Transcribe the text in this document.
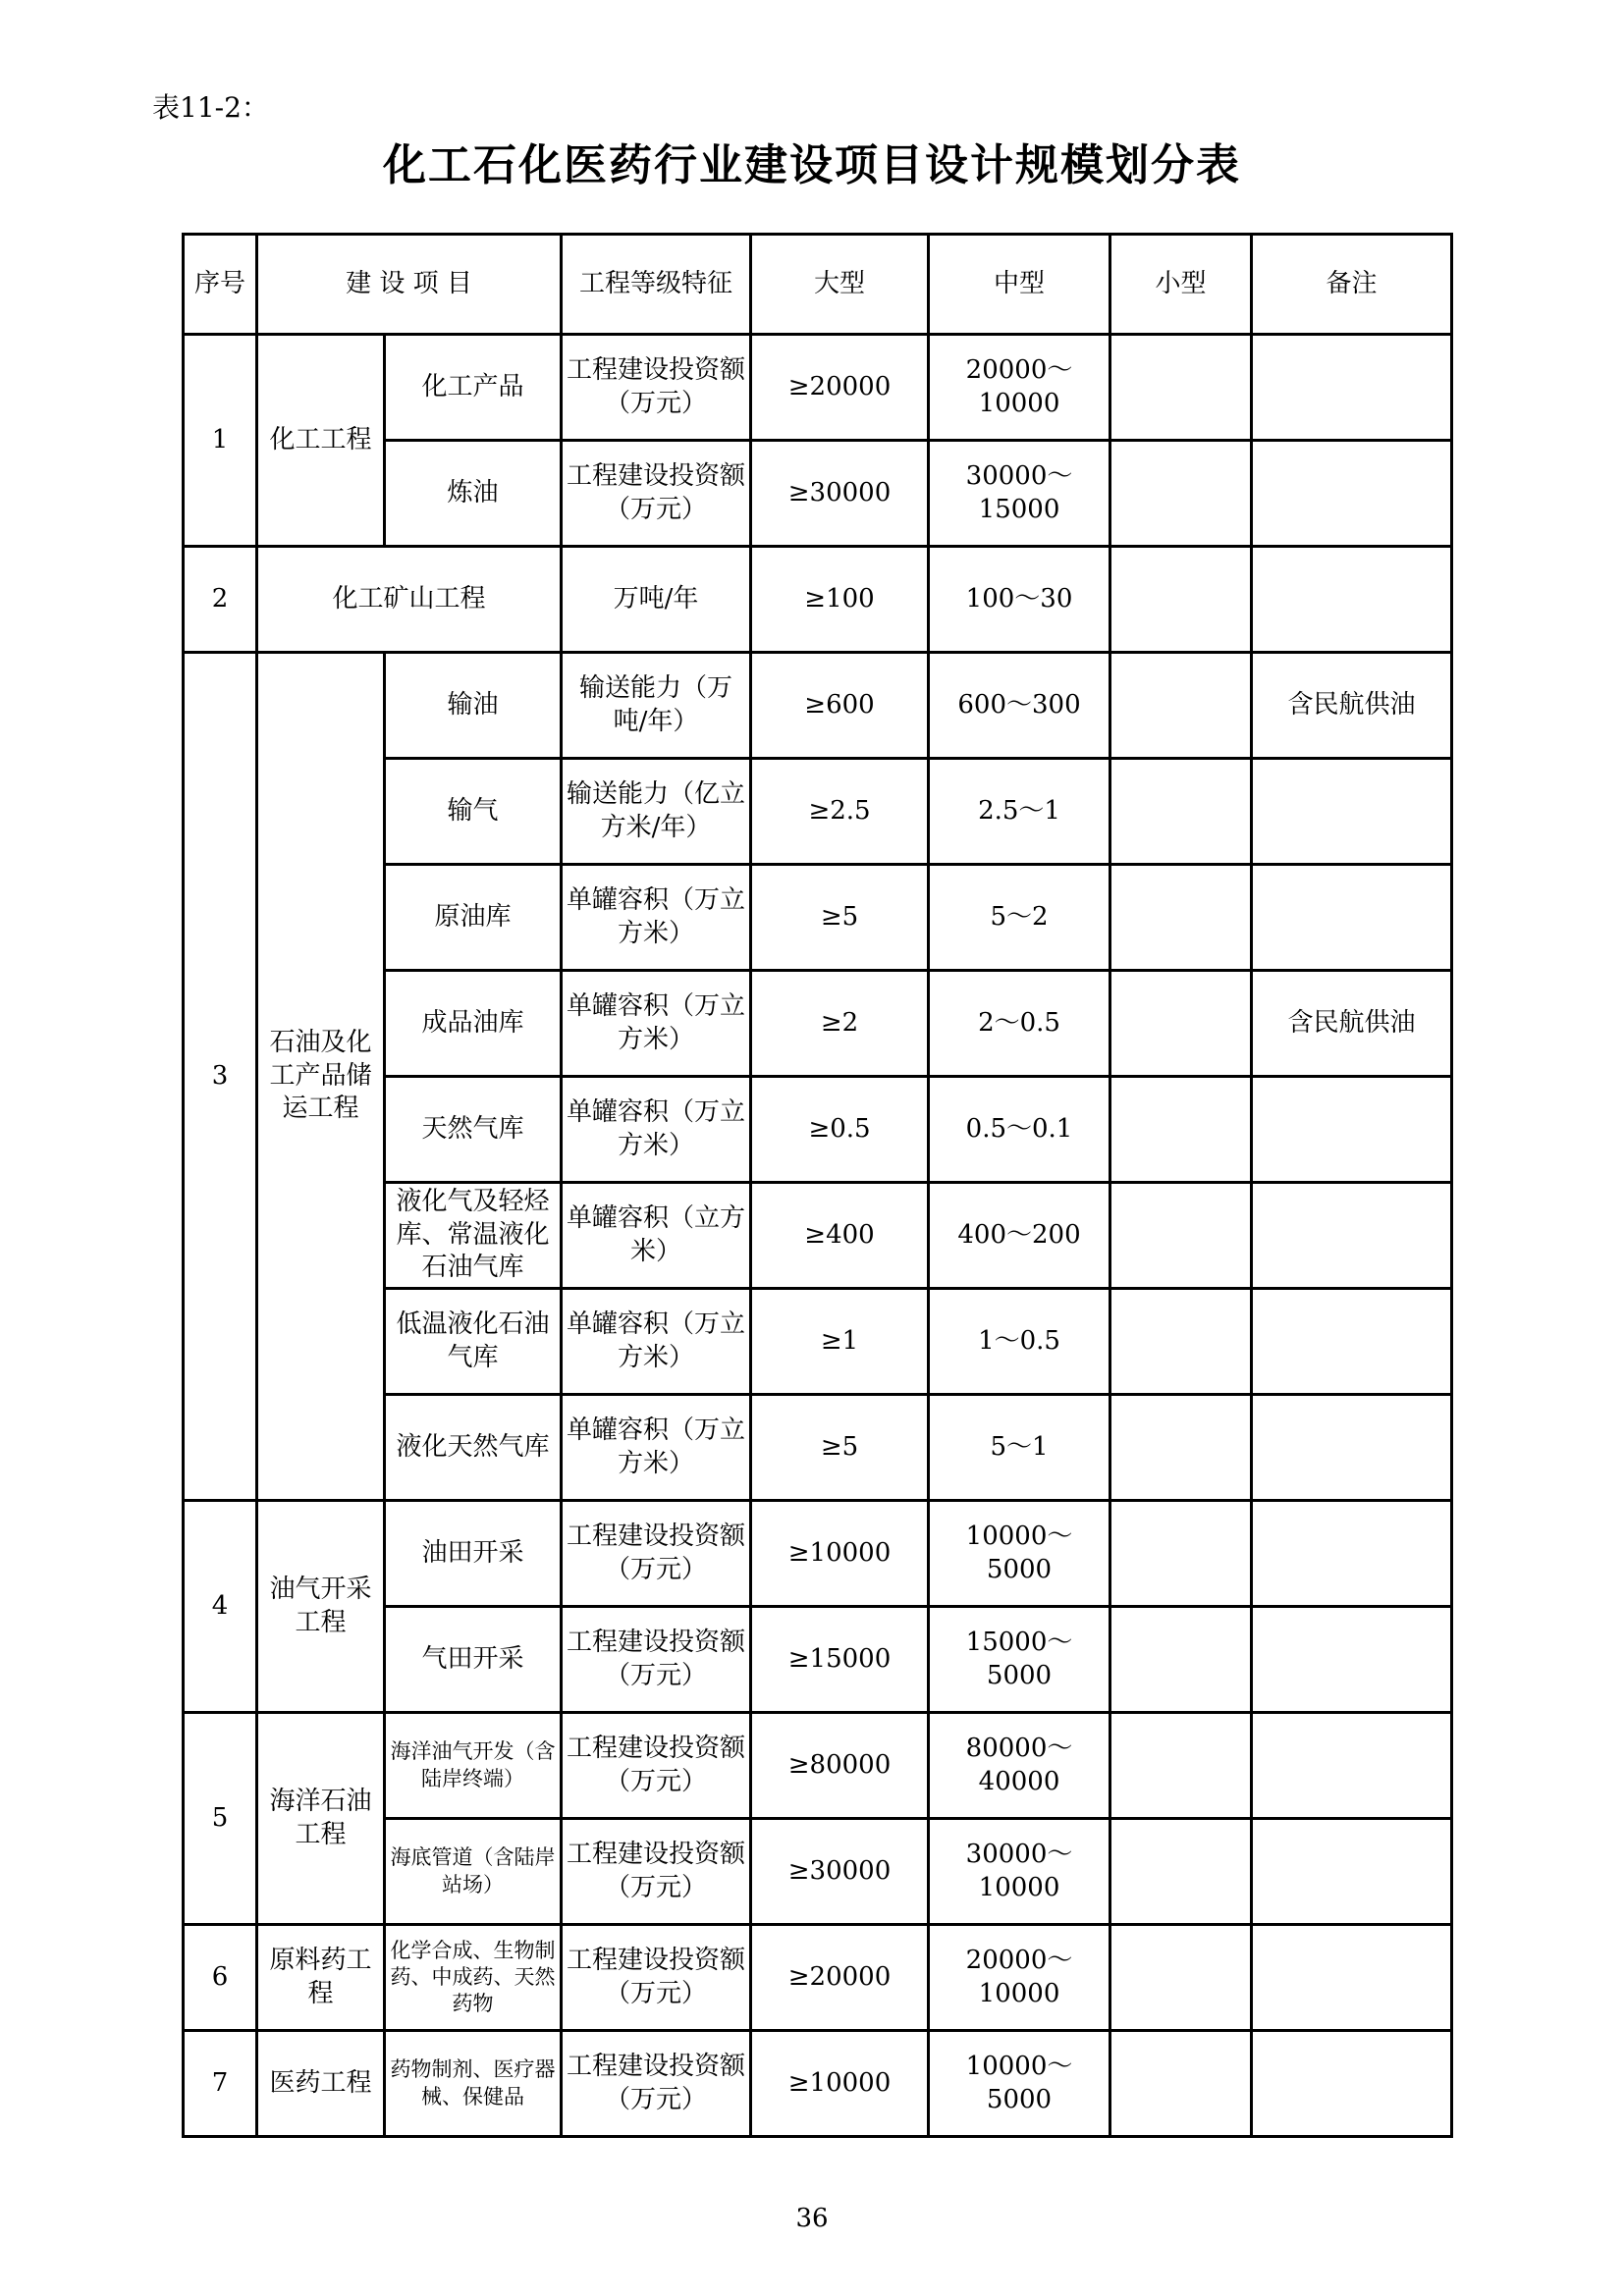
表11-2：
化工石化医药行业建设项目设计规模划分表
序号	建 设 项 目		工程等级特征	大型	中型	小型	备注
1	化工工程	化工产品	工程建设投资额（万元）	≥20000	20000～10000		
		炼油	工程建设投资额（万元）	≥30000	30000～15000		
2	化工矿山工程		万吨/年	≥100	100～30		
3	石油及化工产品储运工程	输油	输送能力（万吨/年）	≥600	600～300		含民航供油
		输气	输送能力（亿立方米/年）	≥2.5	2.5～1		
		原油库	单罐容积（万立方米）	≥5	5～2		
		成品油库	单罐容积（万立方米）	≥2	2～0.5		含民航供油
		天然气库	单罐容积（万立方米）	≥0.5	0.5～0.1		
		液化气及轻烃库、常温液化石油气库	单罐容积（立方米）	≥400	400～200		
		低温液化石油气库	单罐容积（万立方米）	≥1	1～0.5		
		液化天然气库	单罐容积（万立方米）	≥5	5～1		
4	油气开采工程	油田开采	工程建设投资额（万元）	≥10000	10000～5000		
		气田开采	工程建设投资额（万元）	≥15000	15000～5000		
5	海洋石油工程	海洋油气开发（含陆岸终端）	工程建设投资额（万元）	≥80000	80000～40000		
		海底管道（含陆岸站场）	工程建设投资额（万元）	≥30000	30000～10000		
6	原料药工程	化学合成、生物制药、中成药、天然药物	工程建设投资额（万元）	≥20000	20000～10000		
7	医药工程	药物制剂、医疗器械、保健品	工程建设投资额（万元）	≥10000	10000～5000		
36
